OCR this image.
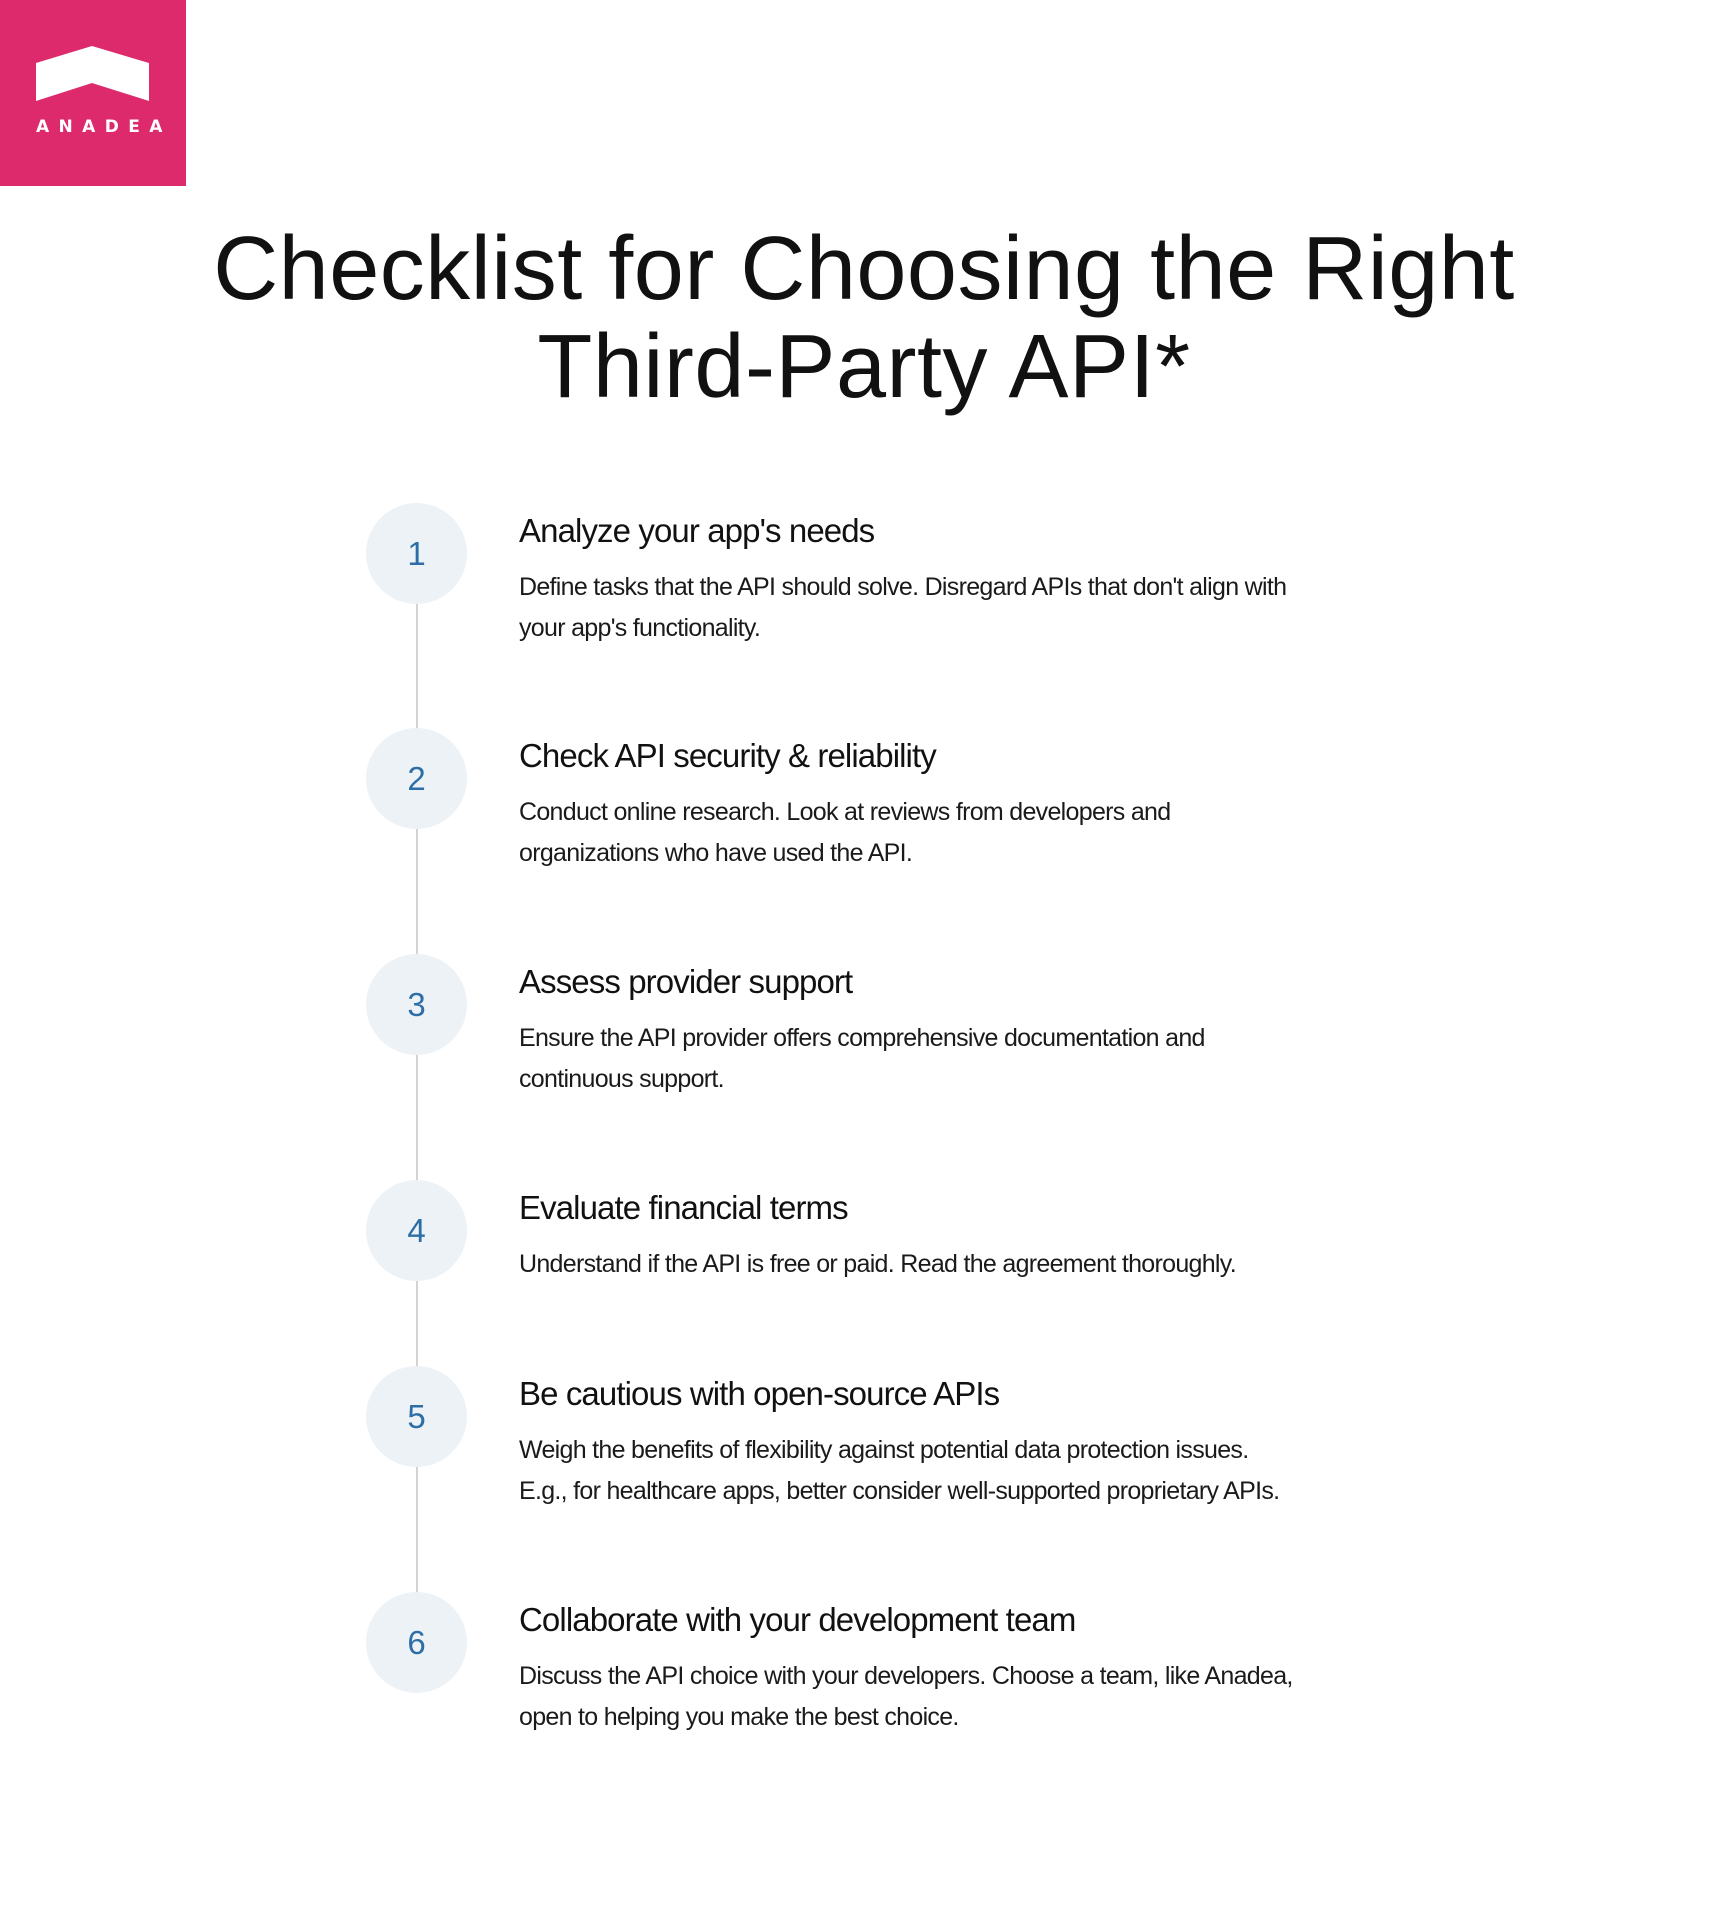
ANADEA
Checklist for Choosing the Right
Third-Party API*
1
Analyze your app's needs

Define tasks that the API should solve. Disregard APIs that don't align with
your app's functionality.

2
Check API security & reliability

Conduct online research. Look at reviews from developers and
organizations who have used the API.

3
Assess provider support

Ensure the API provider offers comprehensive documentation and
continuous support.

4
Evaluate financial terms

Understand if the API is free or paid. Read the agreement thoroughly.

5
Be cautious with open-source APIs

Weigh the benefits of flexibility against potential data protection issues.
E.g., for healthcare apps, better consider well-supported proprietary APIs.

6
Collaborate with your development team

Discuss the API choice with your developers. Choose a team, like Anadea,
open to helping you make the best choice.
